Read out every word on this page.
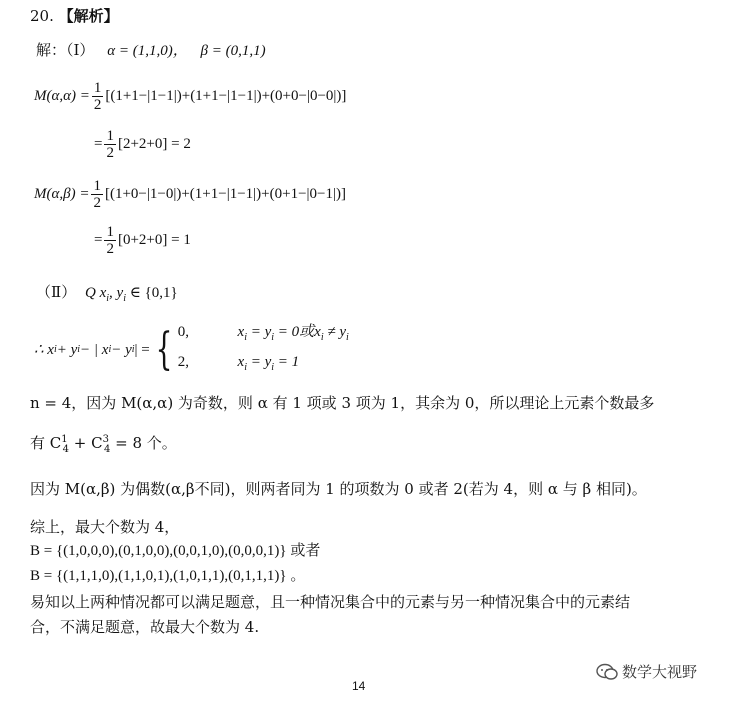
20. 【解析】
解：（Ⅰ） α = (1,1,0)， β = (0,1,1)
$M(\alpha,\alpha) = \frac{1}{2} [(1+1-|1-1|)+(1+1-|1-1|)+(0+0-|0-0|)]$
= $\frac{1}{2} [2+2+0] = 2$
$M(\alpha,\beta) = \frac{1}{2} [(1+0-|1-0|)+(1+1-|1-1|)+(0+1-|0-1|)]$
= $\frac{1}{2} [0+2+0] = 1$
（Ⅱ） Q $x_i$, $y_i$ ∈ {0,1}
∴ x i + y i − | x i − y i | = { 0,	$x_i = y_i = 0$或$x_i \ne y_i$
2,	$x_i = y_i = 1$
n = 4，因为 M(α,α) 为奇数，则 α 有 1 项或 3 项为 1，其余为 0，所以理论上元素个数最多
有 $C^1_4 + C^3_4 = 8$ 个。
因为 M(α,β) 为偶数(α,β不同)，则两者同为 1 的项数为 0 或者 2(若为 4，则 α 与 β 相同)。
综上，最大个数为 4，
B = {(1,0,0,0),(0,1,0,0),(0,0,1,0),(0,0,0,1)} 或者
B = {(1,1,1,0),(1,1,0,1),(1,0,1,1),(0,1,1,1)} 。
易知以上两种情况都可以满足题意，且一种情况集合中的元素与另一种情况集合中的元素结
合，不满足题意，故最大个数为 4.
14
数学大视野
